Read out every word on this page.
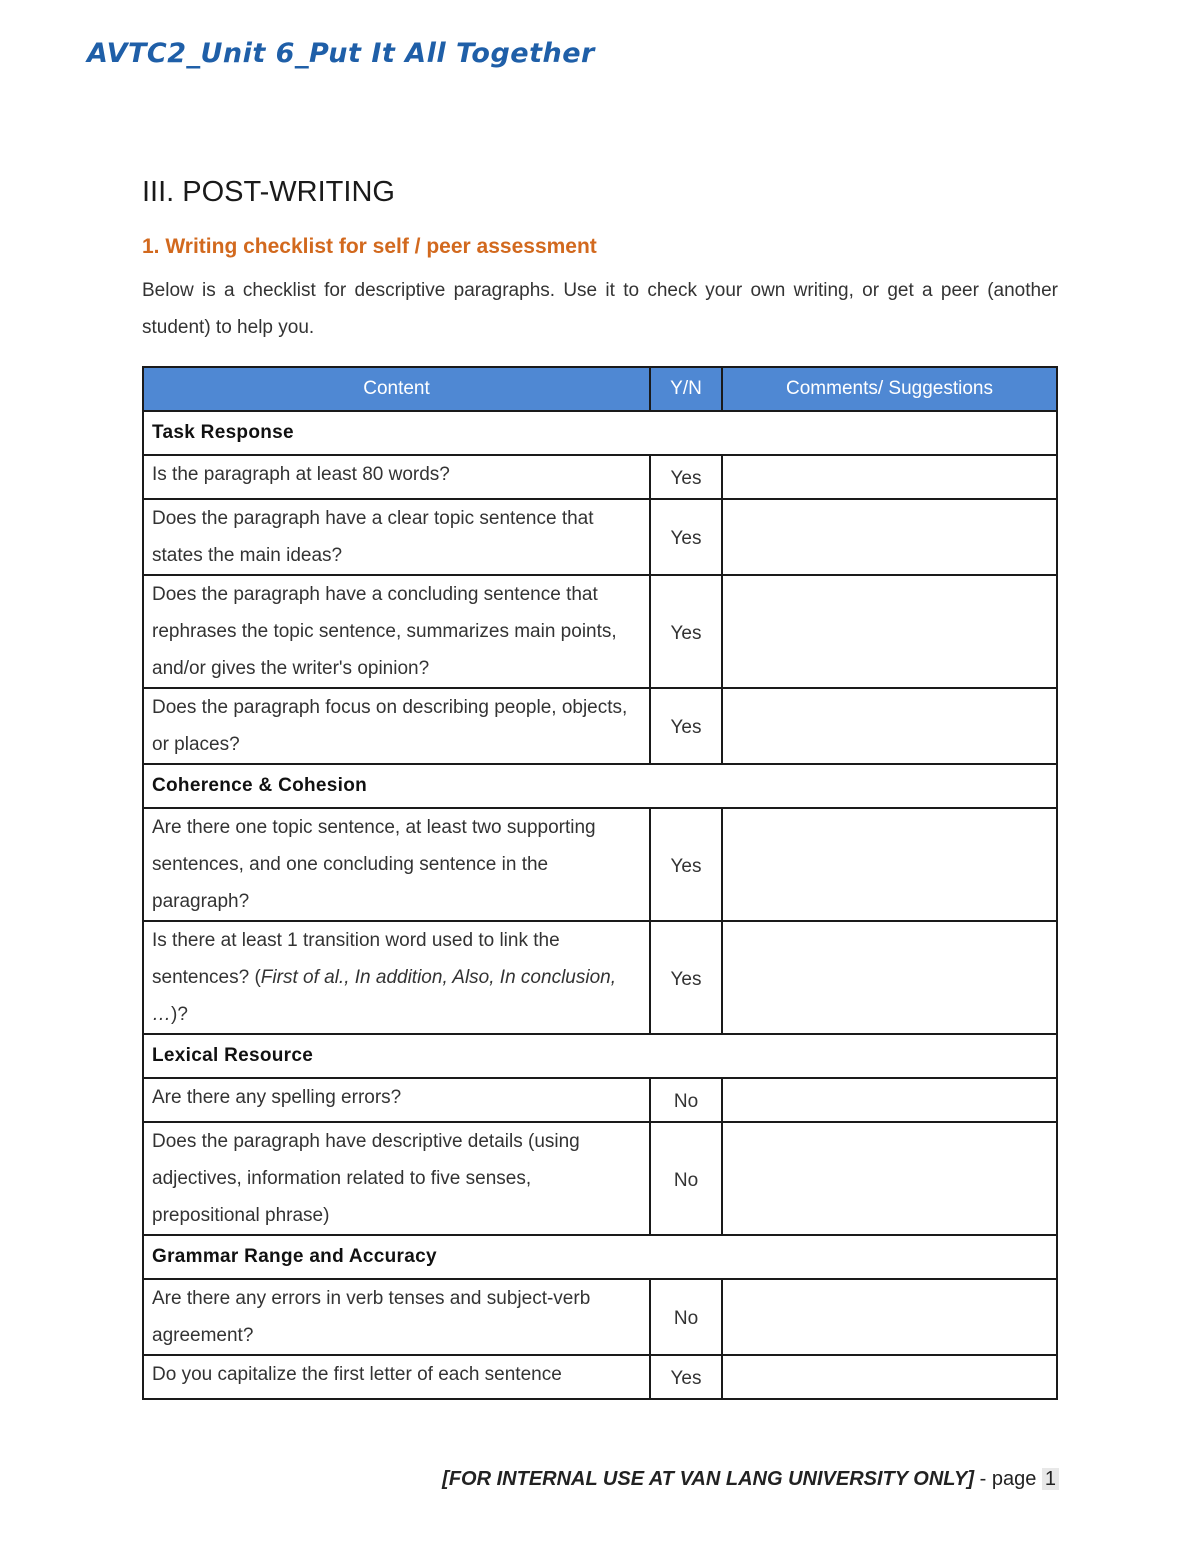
AVTC2_Unit 6_Put It All Together
III. POST-WRITING
1. Writing checklist for self / peer assessment
Below is a checklist for descriptive paragraphs. Use it to check your own writing, or get a peer (another student) to help you.
Content	Y/N	Comments/ Suggestions
Task Response		
Is the paragraph at least 80 words?	Yes	
Does the paragraph have a clear topic sentence that states the main ideas?	Yes	
Does the paragraph have a concluding sentence that rephrases the topic sentence, summarizes main points, and/or gives the writer's opinion?	Yes	
Does the paragraph focus on describing people, objects, or places?	Yes	
Coherence & Cohesion		
Are there one topic sentence, at least two supporting sentences, and one concluding sentence in the paragraph?	Yes	
Is there at least 1 transition word used to link the sentences? (First of al., In addition, Also, In conclusion, …)?	Yes	
Lexical Resource		
Are there any spelling errors?	No	
Does the paragraph have descriptive details (using adjectives, information related to five senses, prepositional phrase)	No	
Grammar Range and Accuracy		
Are there any errors in verb tenses and subject-verb agreement?	No	
Do you capitalize the first letter of each sentence	Yes	
[FOR INTERNAL USE AT VAN LANG UNIVERSITY ONLY] - page 1
